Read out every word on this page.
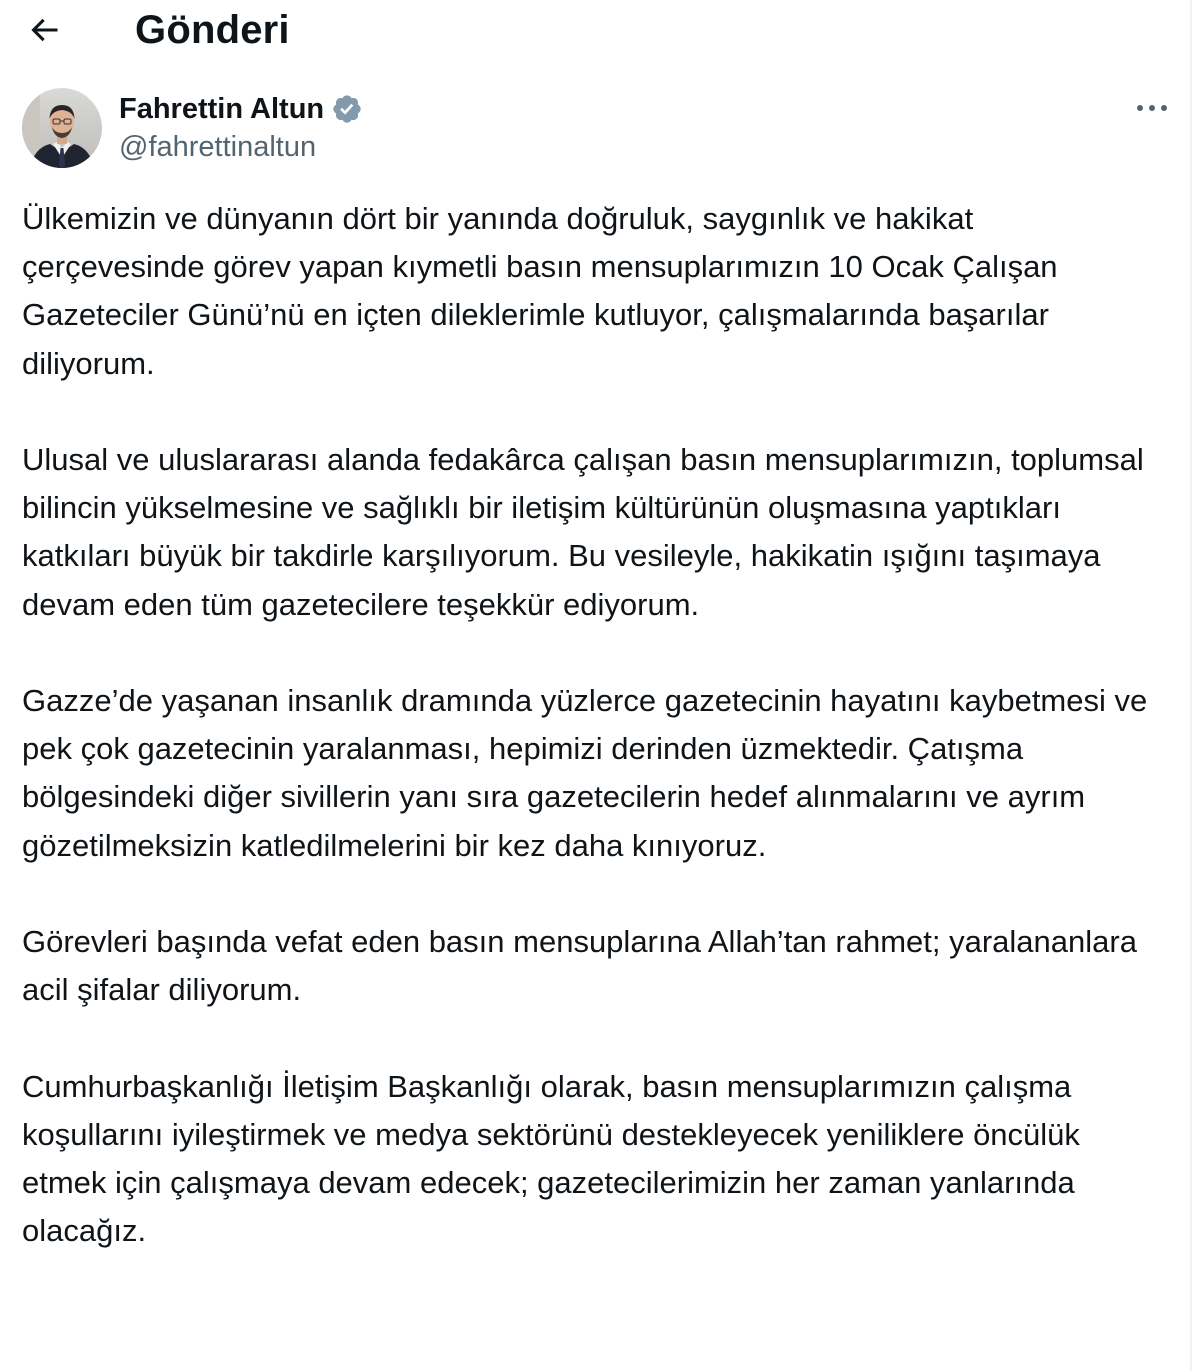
Gönderi
Fahrettin Altun
@fahrettinaltun

Ülkemizin ve dünyanın dört bir yanında doğruluk, saygınlık ve hakikat çerçevesinde görev yapan kıymetli basın mensuplarımızın 10 Ocak Çalışan Gazeteciler Günü’nü en içten dileklerimle kutluyor, çalışmalarında başarılar diliyorum.

Ulusal ve uluslararası alanda fedakârca çalışan basın mensuplarımızın, toplumsal bilincin yükselmesine ve sağlıklı bir iletişim kültürünün oluşmasına yaptıkları katkıları büyük bir takdirle karşılıyorum. Bu vesileyle, hakikatin ışığını taşımaya devam eden tüm gazetecilere teşekkür ediyorum.

Gazze’de yaşanan insanlık dramında yüzlerce gazetecinin hayatını kaybetmesi ve pek çok gazetecinin yaralanması, hepimizi derinden üzmektedir. Çatışma bölgesindeki diğer sivillerin yanı sıra gazetecilerin hedef alınmalarını ve ayrım gözetilmeksizin katledilmelerini bir kez daha kınıyoruz.

Görevleri başında vefat eden basın mensuplarına Allah’tan rahmet; yaralananlara acil şifalar diliyorum.

Cumhurbaşkanlığı İletişim Başkanlığı olarak, basın mensuplarımızın çalışma koşullarını iyileştirmek ve medya sektörünü destekleyecek yeniliklere öncülük etmek için çalışmaya devam edecek; gazetecilerimizin her zaman yanlarında olacağız.
